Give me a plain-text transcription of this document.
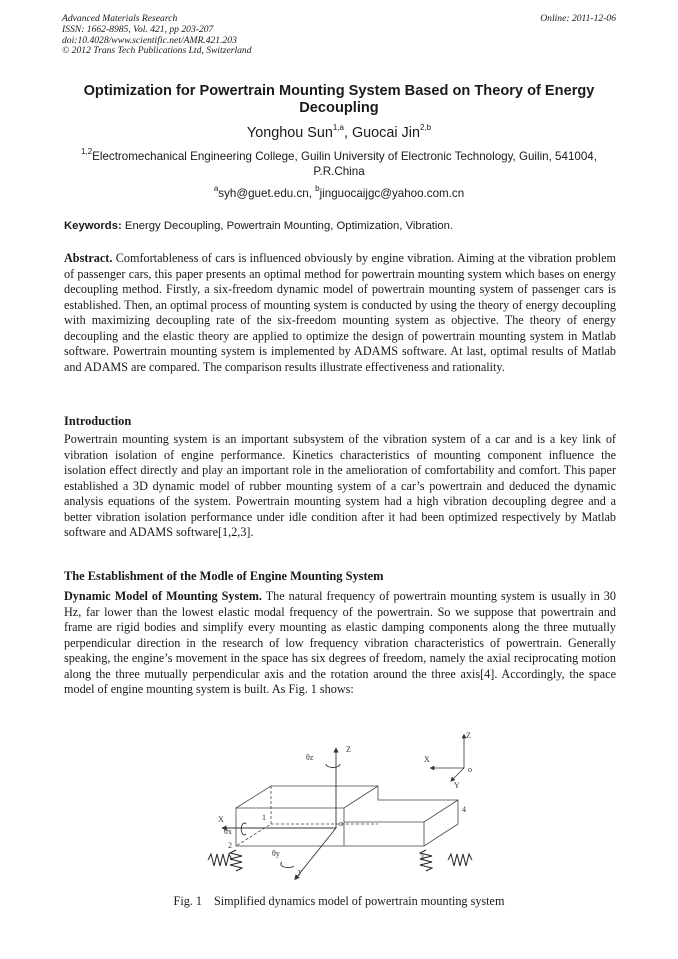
Advanced Materials Research
ISSN: 1662-8985, Vol. 421, pp 203-207
doi:10.4028/www.scientific.net/AMR.421.203
© 2012 Trans Tech Publications Ltd, Switzerland
Online: 2011-12-06
Optimization for Powertrain Mounting System Based on Theory of Energy Decoupling
Yonghou Sun$^{1,a}$, Guocai Jin$^{2,b}$
$^{1,2}$Electromechanical Engineering College, Guilin University of Electronic Technology, Guilin, 541004, P.R.China
$^a$syh@guet.edu.cn, $^b$jinguocaijgc@yahoo.com.cn
Keywords: Energy Decoupling, Powertrain Mounting, Optimization, Vibration.
Abstract. Comfortableness of cars is influenced obviously by engine vibration. Aiming at the vibration problem of passenger cars, this paper presents an optimal method for powertrain mounting system which bases on energy decoupling method. Firstly, a six-freedom dynamic model of powertrain mounting system of passenger cars is established. Then, an optimal process of mounting system is conducted by using the theory of energy decoupling with maximizing decoupling rate of the six-freedom mounting system as objective. The theory of energy decoupling and the elastic theory are applied to optimize the design of powertrain mounting system in Matlab software. Powertrain mounting system is implemented by ADAMS software. At last, optimal results of Matlab and ADAMS are compared. The comparison results illustrate effectiveness and rationality.
Introduction
Powertrain mounting system is an important subsystem of the vibration system of a car and is a key link of vibration isolation of engine performance. Kinetics characteristics of mounting component influence the isolation effect directly and play an important role in the amelioration of comfortability and comfort. This paper established a 3D dynamic model of rubber mounting system of a car’s powertrain and deduced the dynamic analysis equations of the system. Powertrain mounting system had a high vibration decoupling degree and a better vibration isolation performance under idle condition after it had been optimized respectively by Matlab software and ADAMS software[1,2,3].
The Establishment of the Modle of Engine Mounting System
Dynamic Model of Mounting System. The natural frequency of powertrain mounting system is usually in 30 Hz, far lower than the lowest elastic modal frequency of the powertrain. So we suppose that powertrain and frame are rigid bodies and simplify every mounting as elastic damping components along the three mutually perpendicular direction in the research of low frequency vibration characteristics of powertrain. Generally speaking, the engine’s movement in the space has six degrees of freedom, namely the axial reciprocating motion along the three mutually perpendicular axis and the rotation around the three axis[4]. Accordingly, the space model of engine mounting system is built. As Fig. 1 shows:
Z
X
y
o
θz
θx
θy
1
2
3
4
Z
X
Y
o
Fig. 1 Simplified dynamics model of powertrain mounting system
